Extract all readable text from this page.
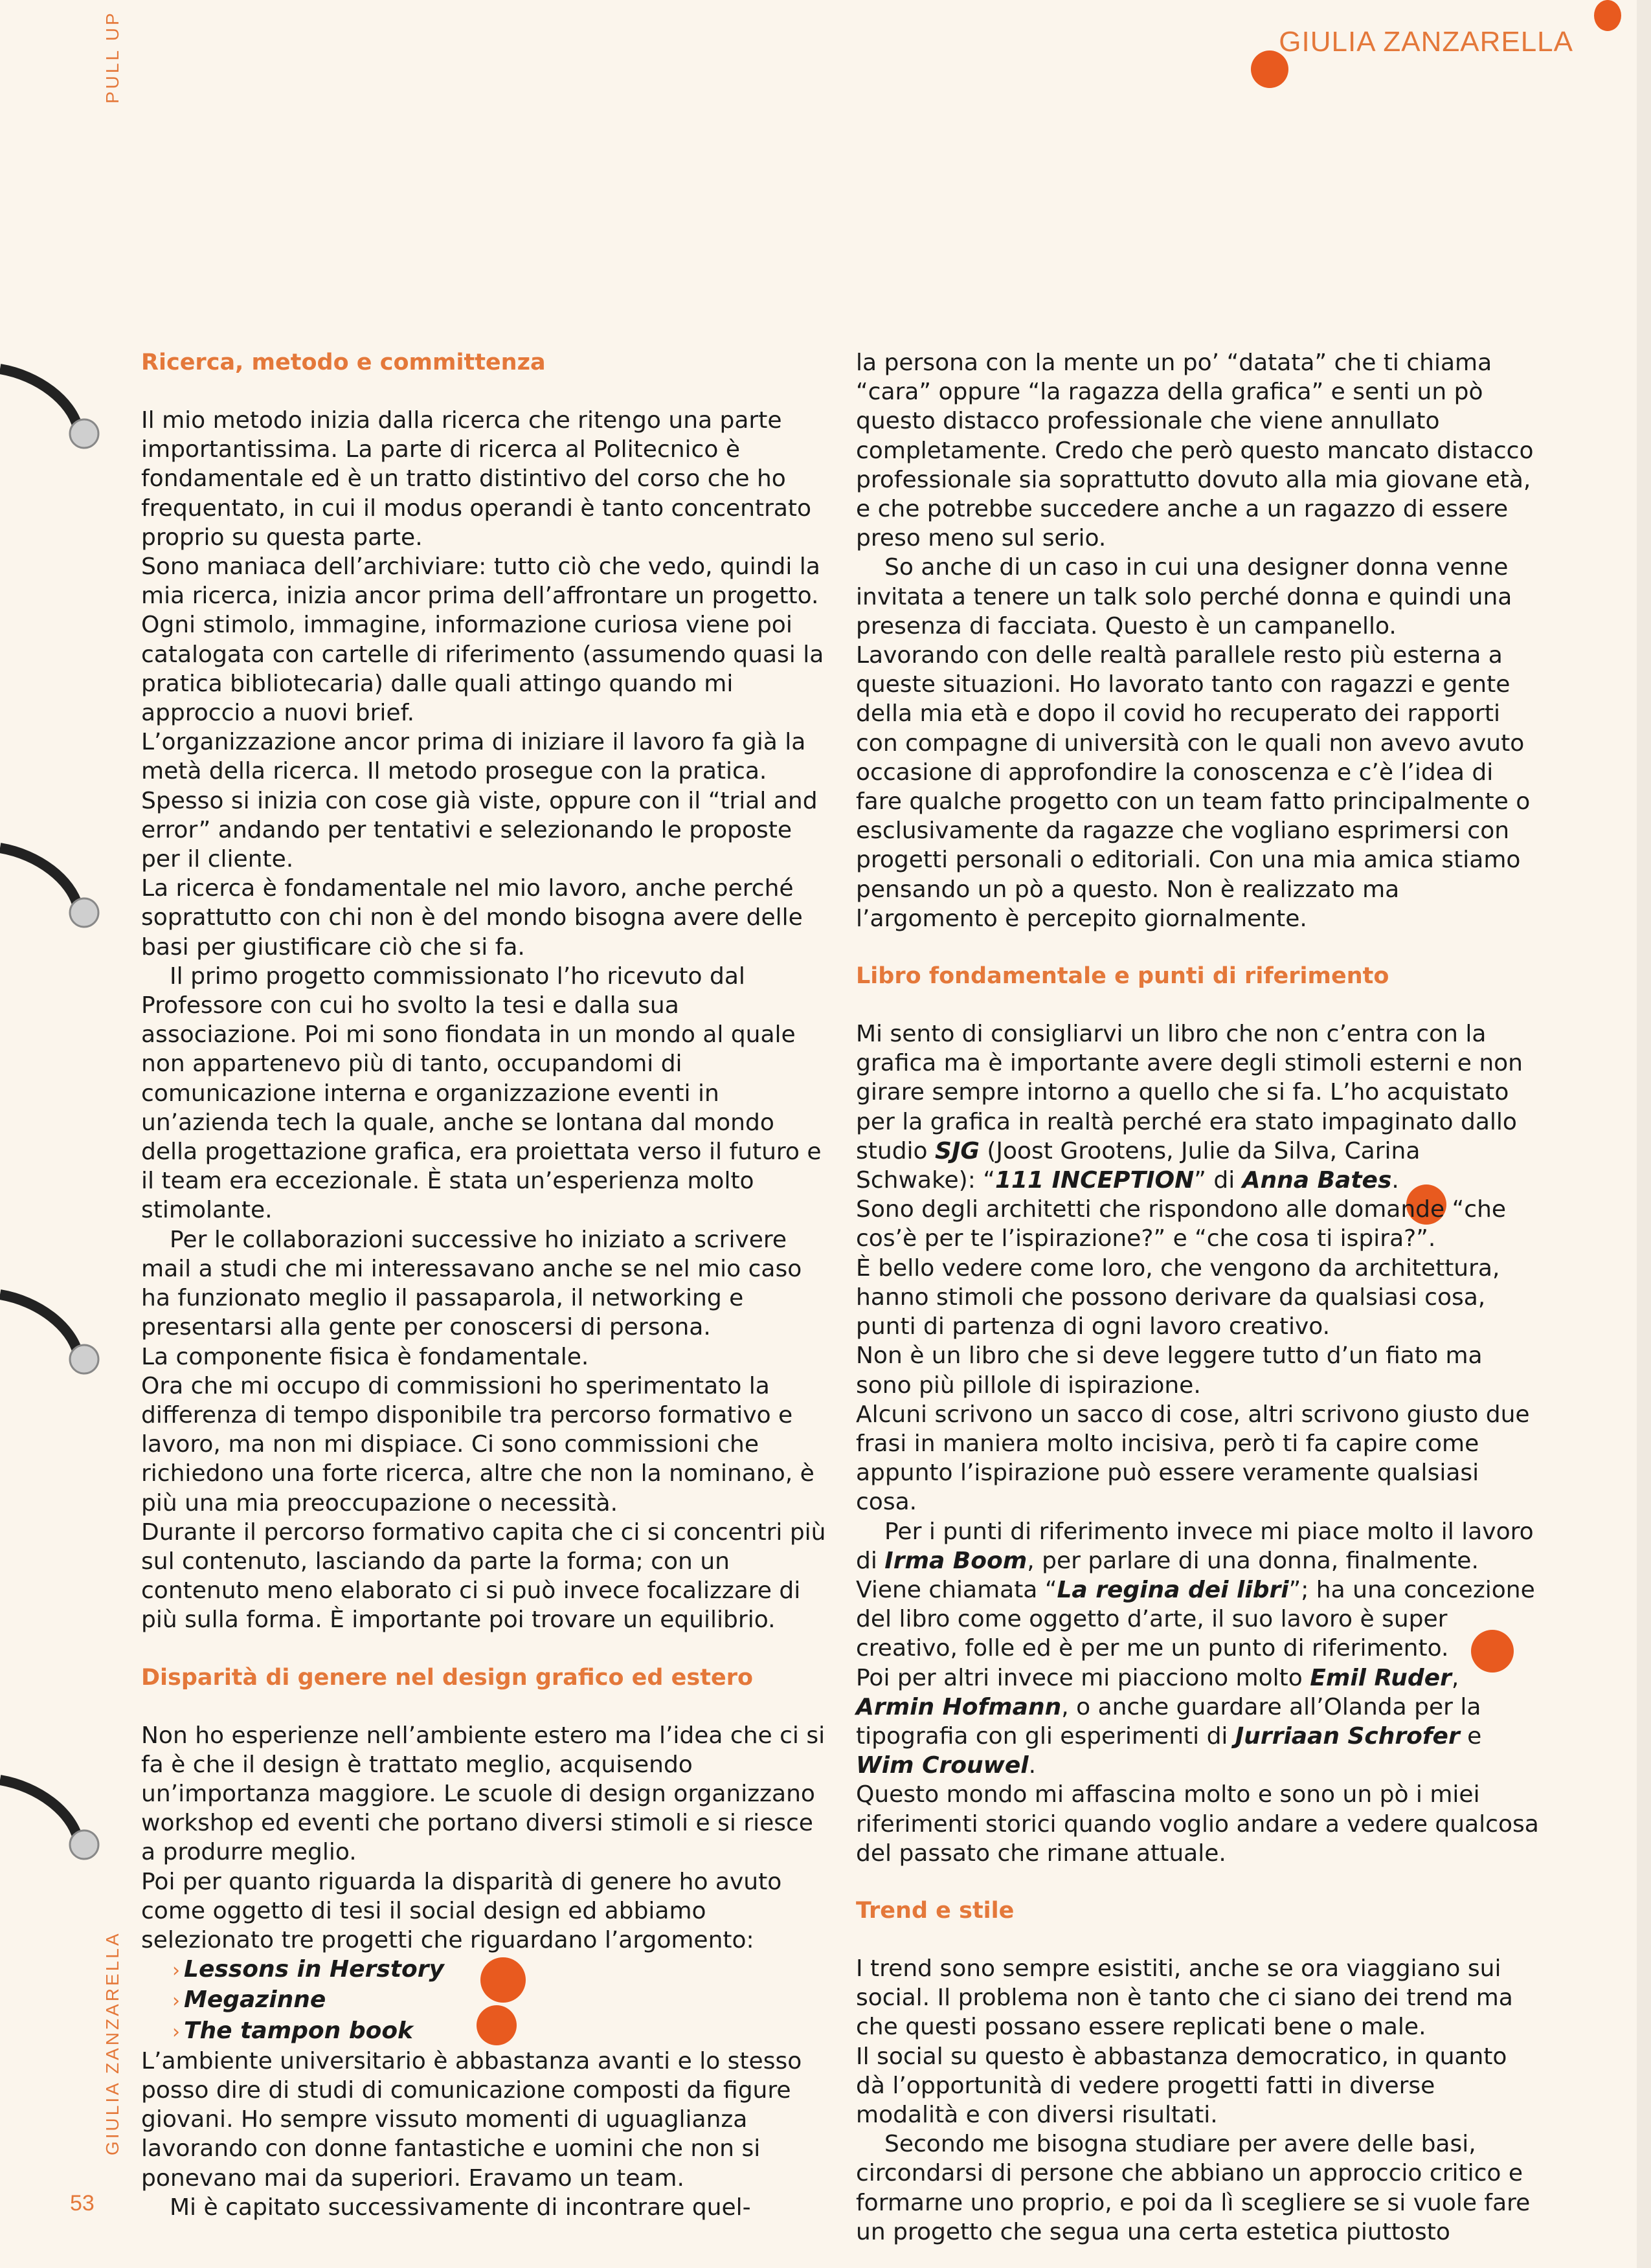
PULL UP	GIULIA ZANZARELLA
GIULIA ZANZARELLA
53
Ricerca, metodo e committenza

Il mio metodo inizia dalla ricerca che ritengo una parte importantissima. La parte di ricerca al Politecnico è fondamentale ed è un tratto distintivo del corso che ho frequentato, in cui il modus operandi è tanto concentrato proprio su questa parte.

Sono maniaca dell’archiviare: tutto ciò che vedo, quindi la mia ricerca, inizia ancor prima dell’affrontare un progetto. Ogni stimolo, immagine, informazione curiosa viene poi catalogata con cartelle di riferimento (assumendo quasi la pratica bibliotecaria) dalle quali attingo quando mi approccio a nuovi brief.

L’organizzazione ancor prima di iniziare il lavoro fa già la metà della ricerca. Il metodo prosegue con la pratica. Spesso si inizia con cose già viste, oppure con il “trial and error” andando per tentativi e selezionando le proposte per il cliente.

La ricerca è fondamentale nel mio lavoro, anche perché soprattutto con chi non è del mondo bisogna avere delle basi per giustificare ciò che si fa.

Il primo progetto commissionato l’ho ricevuto dal Professore con cui ho svolto la tesi e dalla sua associazione. Poi mi sono fiondata in un mondo al quale non appartenevo più di tanto, occupandomi di comunicazione interna e organizzazione eventi in un’azienda tech la quale, anche se lontana dal mondo della progettazione grafica, era proiettata verso il futuro e il team era eccezionale. È stata un’esperienza molto stimolante.

Per le collaborazioni successive ho iniziato a scrivere mail a studi che mi interessavano anche se nel mio caso ha funzionato meglio il passaparola, il networking e presentarsi alla gente per conoscersi di persona.

La componente fisica è fondamentale.

Ora che mi occupo di commissioni ho sperimentato la differenza di tempo disponibile tra percorso formativo e lavoro, ma non mi dispiace. Ci sono commissioni che richiedono una forte ricerca, altre che non la nominano, è più una mia preoccupazione o necessità.

Durante il percorso formativo capita che ci si concentri più sul contenuto, lasciando da parte la forma; con un contenuto meno elaborato ci si può invece focalizzare di più sulla forma. È importante poi trovare un equilibrio.

Disparità di genere nel design grafico ed estero

Non ho esperienze nell’ambiente estero ma l’idea che ci si fa è che il design è trattato meglio, acquisendo un’importanza maggiore. Le scuole di design organizzano workshop ed eventi che portano diversi stimoli e si riesce a produrre meglio.

Poi per quanto riguarda la disparità di genere ho avuto come oggetto di tesi il social design ed abbiamo selezionato tre progetti che riguardano l’argomento:

› Lessons in Herstory
› Megazinne
› The tampon book

L’ambiente universitario è abbastanza avanti e lo stesso posso dire di studi di comunicazione composti da figure giovani. Ho sempre vissuto momenti di uguaglianza lavorando con donne fantastiche e uomini che non si ponevano mai da superiori. Eravamo un team.

Mi è capitato successivamente di incontrare quel-

la persona con la mente un po’ “datata” che ti chiama “cara” oppure “la ragazza della grafica” e senti un pò questo distacco professionale che viene annullato completamente. Credo che però questo mancato distacco professionale sia soprattutto dovuto alla mia giovane età, e che potrebbe succedere anche a un ragazzo di essere preso meno sul serio.

So anche di un caso in cui una designer donna venne invitata a tenere un talk solo perché donna e quindi una presenza di facciata. Questo è un campanello.

Lavorando con delle realtà parallele resto più esterna a queste situazioni. Ho lavorato tanto con ragazzi e gente della mia età e dopo il covid ho recuperato dei rapporti con compagne di università con le quali non avevo avuto occasione di approfondire la conoscenza e c’è l’idea di fare qualche progetto con un team fatto principalmente o esclusivamente da ragazze che vogliano esprimersi con progetti personali o editoriali. Con una mia amica stiamo pensando un pò a questo. Non è realizzato ma l’argomento è percepito giornalmente.

Libro fondamentale e punti di riferimento

Mi sento di consigliarvi un libro che non c’entra con la grafica ma è importante avere degli stimoli esterni e non girare sempre intorno a quello che si fa. L’ho acquistato per la grafica in realtà perché era stato impaginato dallo studio SJG (Joost Grootens, Julie da Silva, Carina Schwake): “111 INCEPTION” di Anna Bates.

Sono degli architetti che rispondono alle domande “che cos’è per te l’ispirazione?” e “che cosa ti ispira?”.

È bello vedere come loro, che vengono da architettura, hanno stimoli che possono derivare da qualsiasi cosa, punti di partenza di ogni lavoro creativo.

Non è un libro che si deve leggere tutto d’un fiato ma sono più pillole di ispirazione.

Alcuni scrivono un sacco di cose, altri scrivono giusto due frasi in maniera molto incisiva, però ti fa capire come appunto l’ispirazione può essere veramente qualsiasi cosa.

Per i punti di riferimento invece mi piace molto il lavoro di Irma Boom, per parlare di una donna, finalmente. Viene chiamata “La regina dei libri”; ha una concezione del libro come oggetto d’arte, il suo lavoro è super creativo, folle ed è per me un punto di riferimento.

Poi per altri invece mi piacciono molto Emil Ruder, Armin Hofmann, o anche guardare all’Olanda per la tipografia con gli esperimenti di Jurriaan Schrofer e Wim Crouwel.

Questo mondo mi affascina molto e sono un pò i miei riferimenti storici quando voglio andare a vedere qualcosa del passato che rimane attuale.

Trend e stile

I trend sono sempre esistiti, anche se ora viaggiano sui social. Il problema non è tanto che ci siano dei trend ma che questi possano essere replicati bene o male.

Il social su questo è abbastanza democratico, in quanto dà l’opportunità di vedere progetti fatti in diverse modalità e con diversi risultati.

Secondo me bisogna studiare per avere delle basi, circondarsi di persone che abbiano un approccio critico e formarne uno proprio, e poi da lì scegliere se si vuole fare un progetto che segua una certa estetica piuttosto
